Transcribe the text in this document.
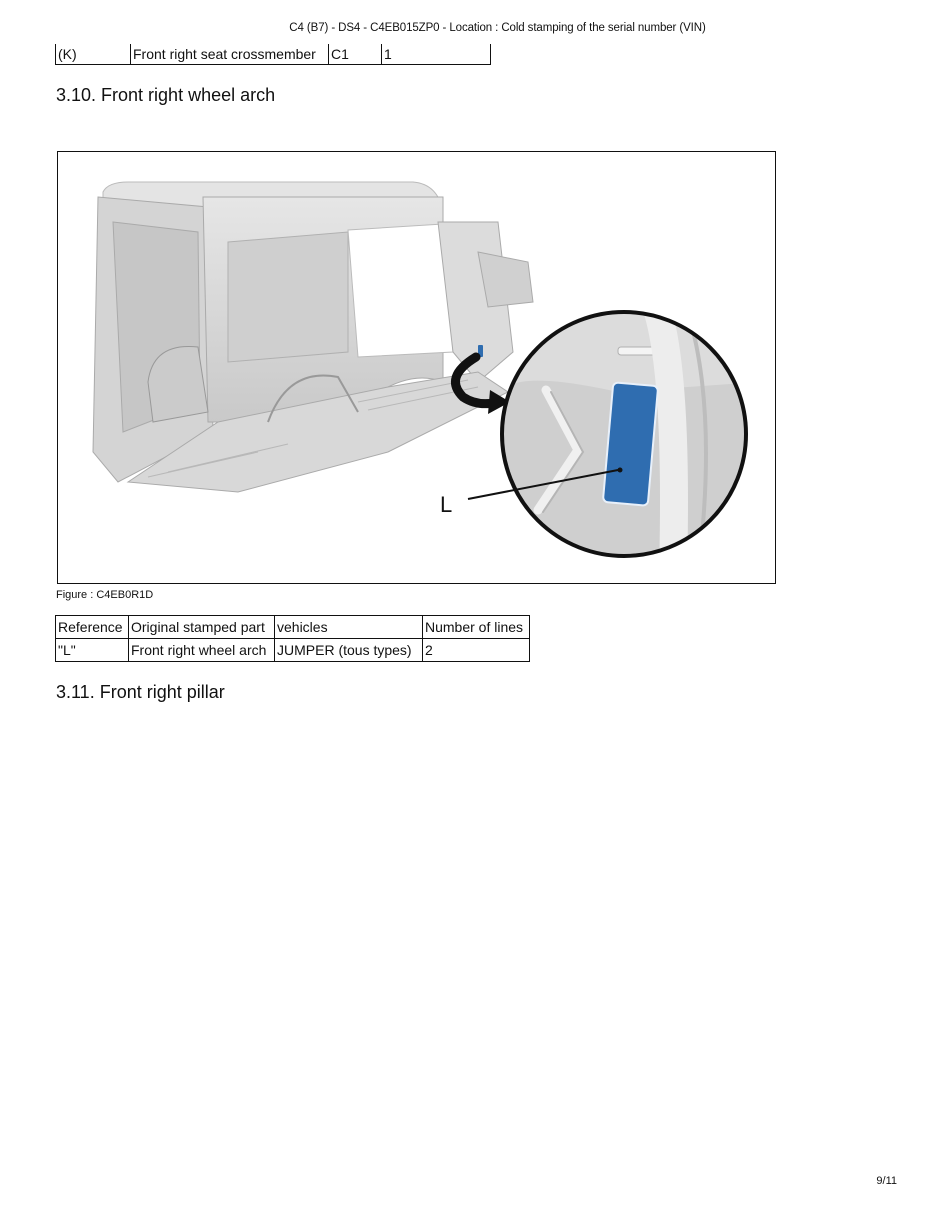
C4 (B7) - DS4 - C4EB015ZP0 - Location : Cold stamping of the serial number (VIN)
(K)	Front right seat crossmember	C1	1
3.10. Front right wheel arch
L
Figure : C4EB0R1D
Reference	Original stamped part	vehicles	Number of lines
"L"	Front right wheel arch	JUMPER (tous types)	2
3.11. Front right pillar
9/11
